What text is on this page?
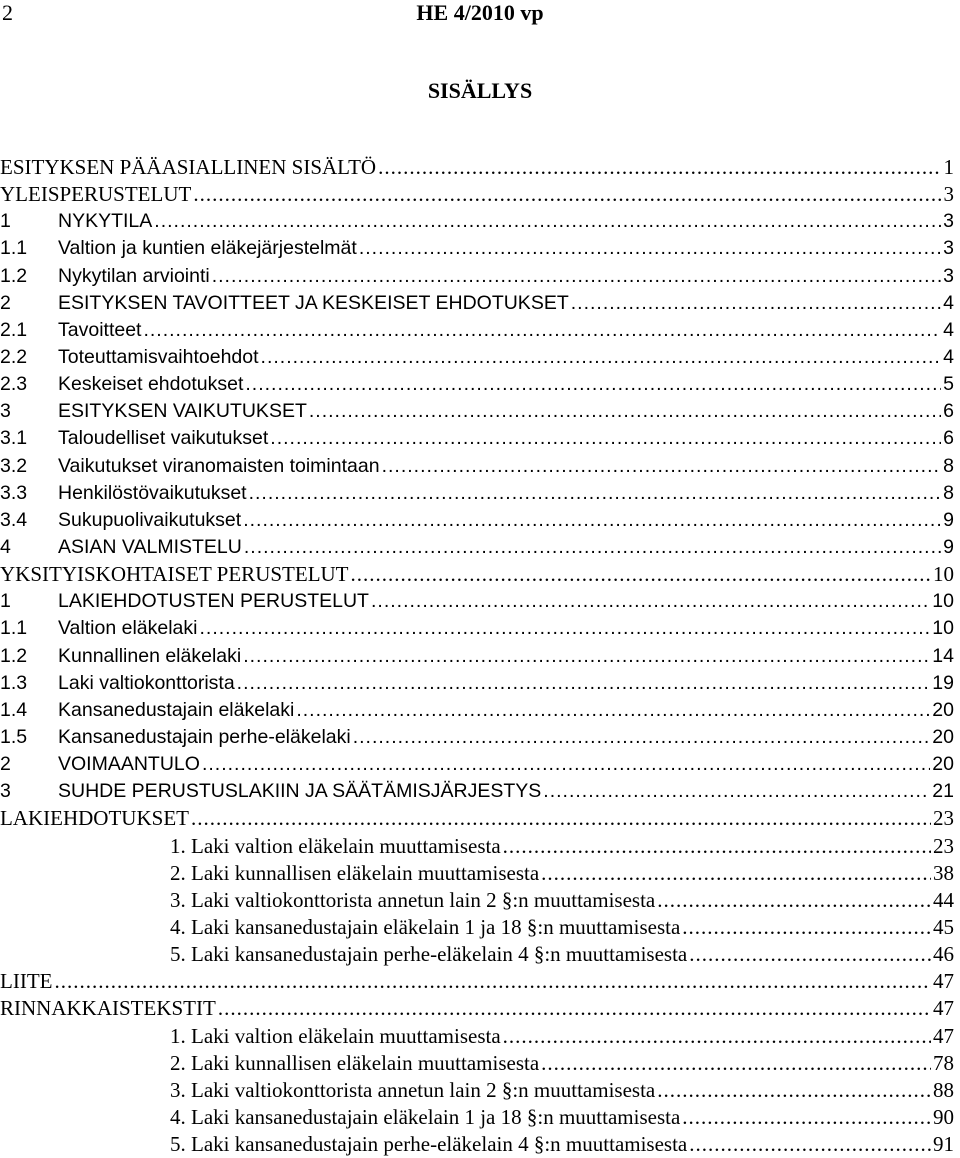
2	HE 4/2010 vp
SISÄLLYS
ESITYKSEN PÄÄASIALLINEN SISÄLTÖ .....	1
YLEISPERUSTELUT .....	3
1	NYKYTILA .....	3
1.1	Valtion ja kuntien eläkejärjestelmät .....	3
1.2	Nykytilan arviointi .....	3
2	ESITYKSEN TAVOITTEET JA KESKEISET EHDOTUKSET .....	4
2.1	Tavoitteet .....	4
2.2	Toteuttamisvaihtoehdot .....	4
2.3	Keskeiset ehdotukset .....	5
3	ESITYKSEN VAIKUTUKSET .....	6
3.1	Taloudelliset vaikutukset .....	6
3.2	Vaikutukset viranomaisten toimintaan .....	8
3.3	Henkilöstövaikutukset .....	8
3.4	Sukupuolivaikutukset .....	9
4	ASIAN VALMISTELU .....	9
YKSITYISKOHTAISET PERUSTELUT .....	10
1	LAKIEHDOTUSTEN PERUSTELUT .....	10
1.1	Valtion eläkelaki .....	10
1.2	Kunnallinen eläkelaki .....	14
1.3	Laki valtiokonttorista .....	19
1.4	Kansanedustajain eläkelaki .....	20
1.5	Kansanedustajain perhe-eläkelaki .....	20
2	VOIMAANTULO .....	20
3	SUHDE PERUSTUSLAKIIN JA SÄÄTÄMISJÄRJESTYS .....	21
LAKIEHDOTUKSET .....	23
1. Laki valtion eläkelain muuttamisesta .....	23
2. Laki kunnallisen eläkelain muuttamisesta .....	38
3. Laki valtiokonttorista annetun lain 2 §:n muuttamisesta .....	44
4. Laki kansanedustajain eläkelain 1 ja 18 §:n muuttamisesta .....	45
5. Laki kansanedustajain perhe-eläkelain 4 §:n muuttamisesta .....	46
LIITE .....	47
RINNAKKAISTEKSTIT .....	47
1. Laki valtion eläkelain muuttamisesta .....	47
2. Laki kunnallisen eläkelain muuttamisesta .....	78
3. Laki valtiokonttorista annetun lain 2 §:n muuttamisesta .....	88
4. Laki kansanedustajain eläkelain 1 ja 18 §:n muuttamisesta .....	90
5. Laki kansanedustajain perhe-eläkelain 4 §:n muuttamisesta .....	91
